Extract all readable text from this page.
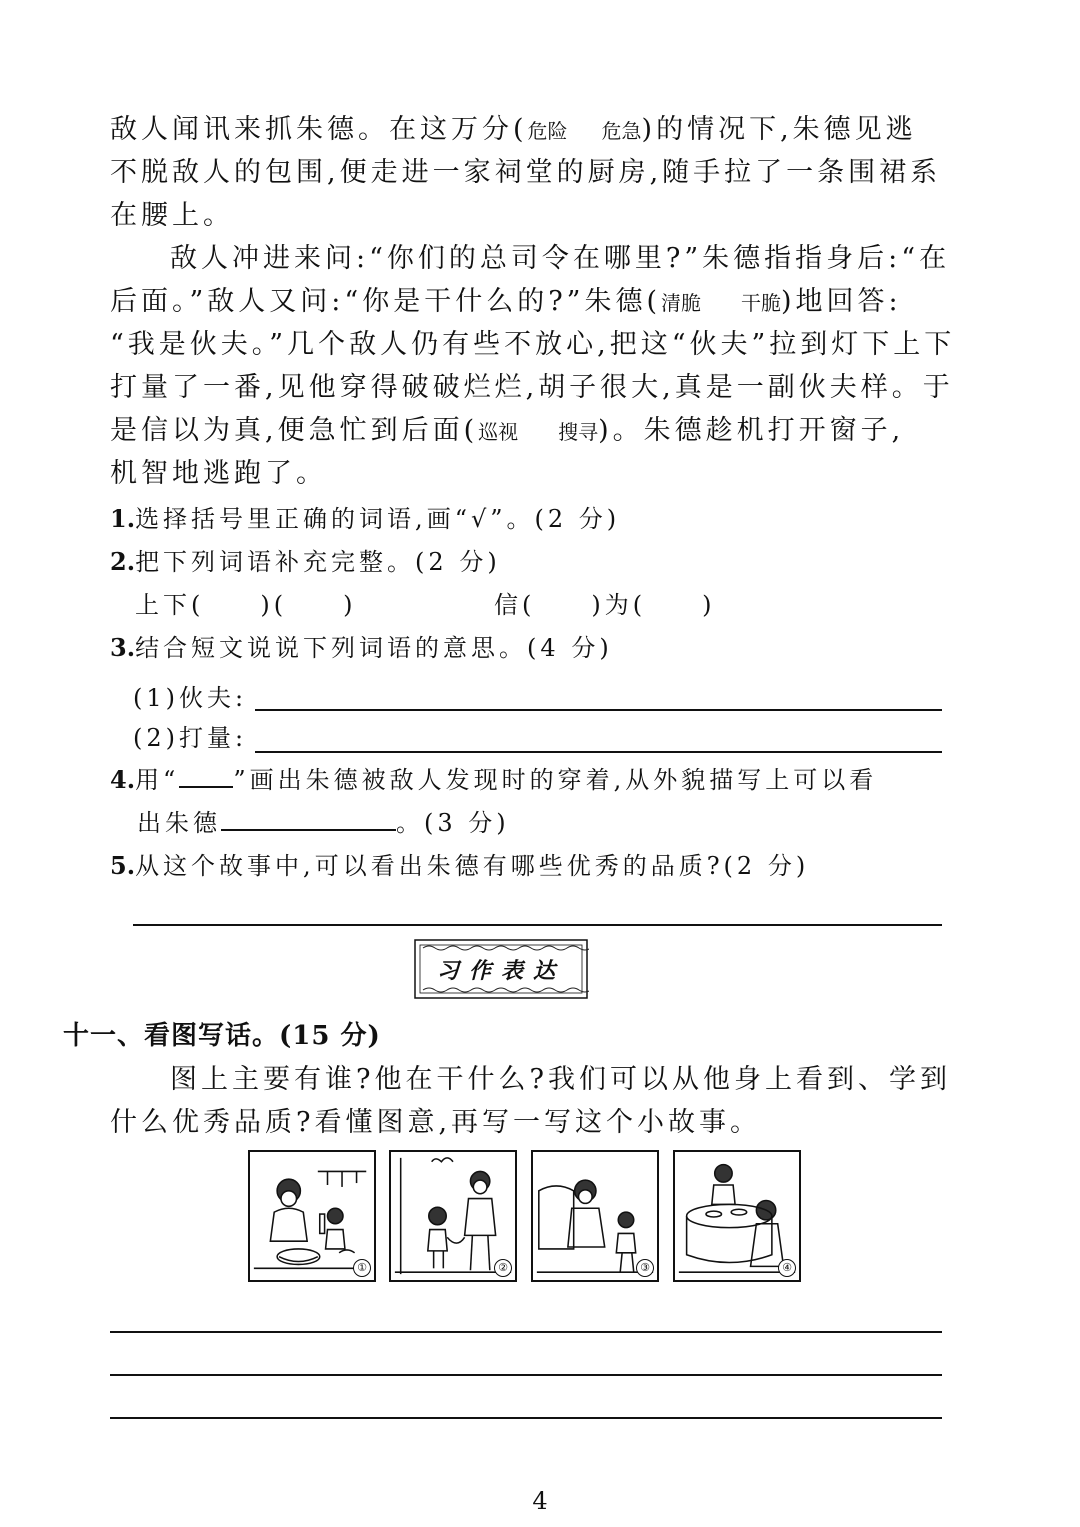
敌人闻讯来抓朱德。在这万分(危险 危急)的情况下,朱德见逃
不脱敌人的包围,便走进一家祠堂的厨房,随手拉了一条围裙系
在腰上。
敌人冲进来问:“你们的总司令在哪里?”朱德指指身后:“在
后面。”敌人又问:“你是干什么的?”朱德(清脆 干脆)地回答:
“我是伙夫。”几个敌人仍有些不放心,把这“伙夫”拉到灯下上下
打量了一番,见他穿得破破烂烂,胡子很大,真是一副伙夫样。于
是信以为真,便急忙到后面(巡视 搜寻)。朱德趁机打开窗子,
机智地逃跑了。
1.选择括号里正确的词语,画“√”。(2 分)
2.把下列词语补充完整。(2 分)
上下(　　)(　　)	信(　　)为(　　)
3.结合短文说说下列词语的意思。(4 分)
(1)伙夫:
(2)打量:
4.用“ ”画出朱德被敌人发现时的穿着,从外貌描写上可以看
出朱德	。(3 分)
5.从这个故事中,可以看出朱德有哪些优秀的品质?(2 分)
习作表达
十一、看图写话。(15 分)
图上主要有谁?他在干什么?我们可以从他身上看到、学到
什么优秀品质?看懂图意,再写一写这个小故事。
①	②	③	④
4
